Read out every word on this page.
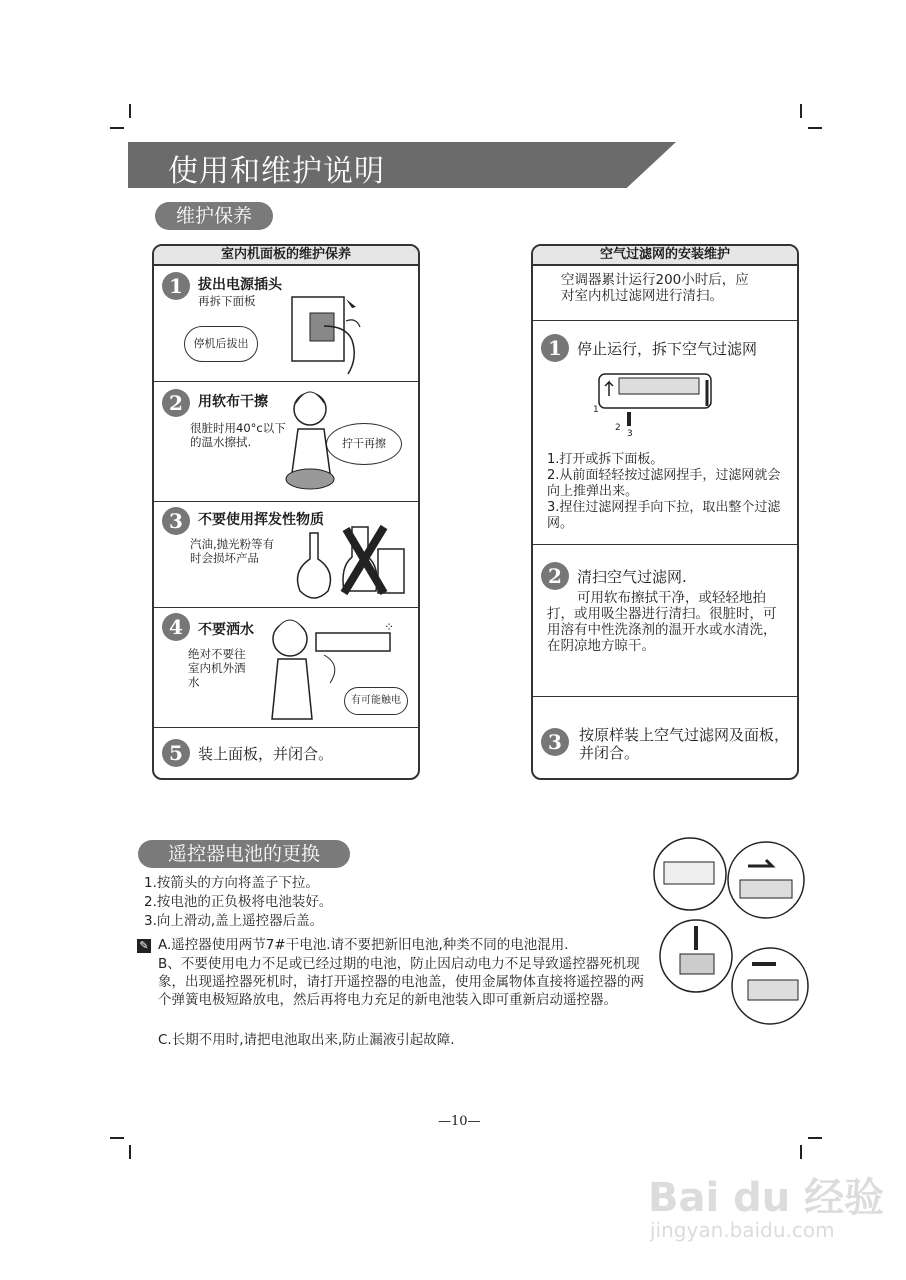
使用和维护说明
维护保养
室内机面板的维护保养
1	拔出电源插头
再拆下面板
停机后拔出
2	用软布干擦
很脏时用40°c以下的温水擦拭.	拧干再擦
3	不要使用挥发性物质
汽油,抛光粉等有时会损坏产品
4	不要洒水
绝对不要往室内机外洒水
⁘
有可能触电
5	装上面板，并闭合。
空气过滤网的安装维护
空调器累计运行200小时后，应对室内机过滤网进行清扫。
1	停止运行，拆下空气过滤网
1
2
3
1.打开或拆下面板。
2.从前面轻轻按过滤网捏手，过滤网就会向上推弹出来。
3.捏住过滤网捏手向下拉，取出整个过滤网。
2	清扫空气过滤网.
可用软布擦拭干净，或轻轻地拍打，或用吸尘器进行清扫。很脏时，可用溶有中性洗涤剂的温开水或水清洗，在阴凉地方晾干。
3	按原样装上空气过滤网及面板，并闭合。
遥控器电池的更换
1.按箭头的方向将盖子下拉。
2.按电池的正负极将电池装好。
3.向上滑动,盖上遥控器后盖。
✎ A.遥控器使用两节7#干电池.请不要把新旧电池,种类不同的电池混用.
B、不要使用电力不足或已经过期的电池，防止因启动电力不足导致遥控器死机现象，出现遥控器死机时，请打开遥控器的电池盖，使用金属物体直接将遥控器的两个弹簧电极短路放电，然后再将电力充足的新电池装入即可重新启动遥控器。
C.长期不用时,请把电池取出来,防止漏液引起故障.
—10—
Bai du 经验
jingyan.baidu.com
